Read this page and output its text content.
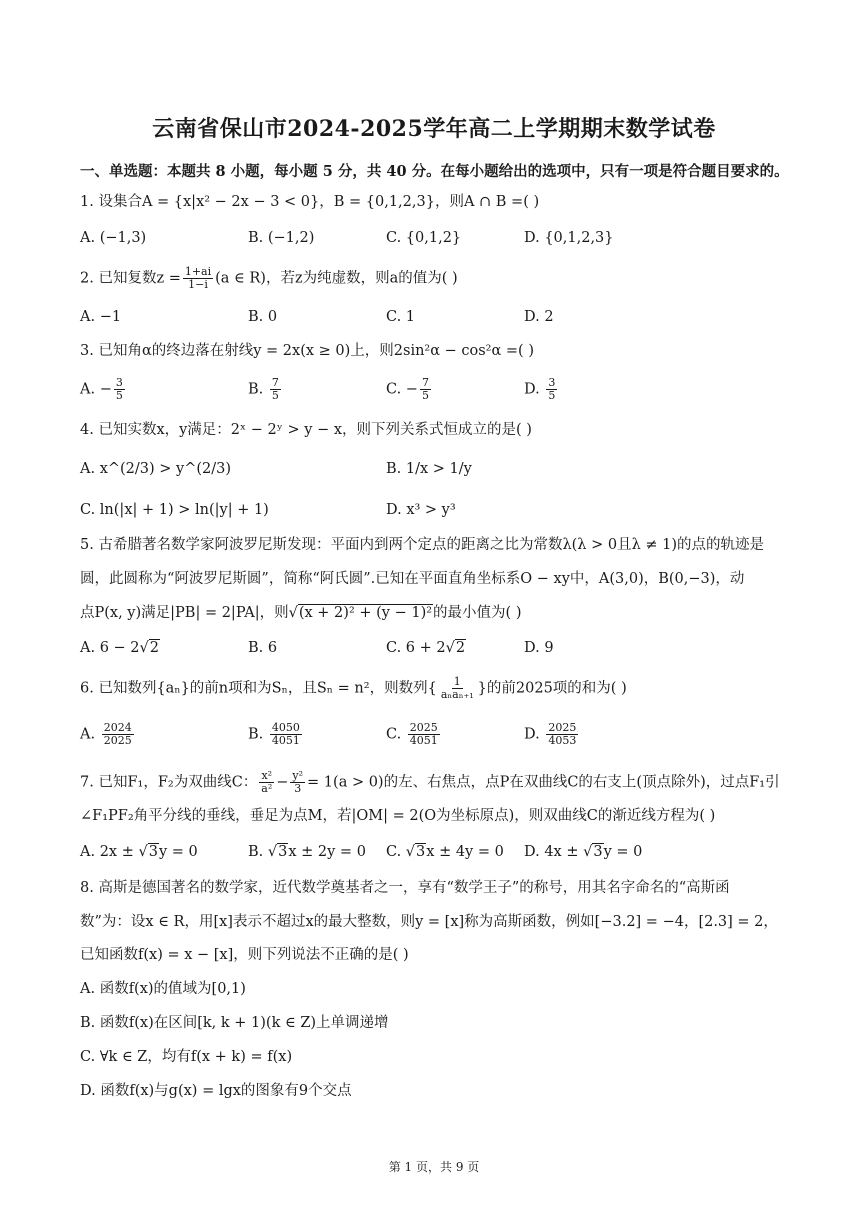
云南省保山市2024-2025学年高二上学期期末数学试卷
一、单选题：本题共 8 小题，每小题 5 分，共 40 分。在每小题给出的选项中，只有一项是符合题目要求的。
1. 设集合A = {x|x² − 2x − 3 < 0}，B = {0,1,2,3}，则A ∩ B =( )
A. (−1,3)	B. (−1,2)	C. {0,1,2}	D. {0,1,2,3}
2. 已知复数$z = \frac{1+ai}{1-i} (a$ ∈ R)，若z为纯虚数，则a的值为( )
A. −1	B. 0	C. 1	D. 2
3. 已知角α的终边落在射线y = 2x(x ≥ 0)上，则2sin²α − cos²α =( )
A. − $\frac{3}{5}$	B. $\frac{7}{5}$	C. − $\frac{7}{5}$	D. $\frac{3}{5}$
4. 已知实数x，y满足：2ˣ − 2ʸ > y − x，则下列关系式恒成立的是( )
A. x^(2/3) > y^(2/3)	B. 1/x > 1/y
C. ln(|x| + 1) > ln(|y| + 1)	D. x³ > y³
5. 古希腊著名数学家阿波罗尼斯发现：平面内到两个定点的距离之比为常数λ(λ > 0且λ ≠ 1)的点的轨迹是
圆，此圆称为“阿波罗尼斯圆”，简称“阿氏圆”.已知在平面直角坐标系O − xy中，A(3,0)，B(0,−3)，动
点P(x, y)满足|PB| = 2|PA|，则√(x + 2)² + (y − 1)²的最小值为( )
A. 6 − 2√2	B. 6	C. 6 + 2√2	D. 9
6. 已知数列{aₙ}的前n项和为Sₙ，且Sₙ = n²，则数列{ $\frac{1}{\text{aₙaₙ₊₁}}$ }的前2025项的和为( )
A. $\frac{2024}{2025}$	B. $\frac{4050}{4051}$	C. $\frac{2025}{4051}$	D. $\frac{2025}{4053}$
7. 已知F₁，F₂为双曲线C： $\frac{\text{x²}}{\text{a²}} - \frac{\text{y²}}{3} = 1(a > 0)$的左、右焦点，点P在双曲线C的右支上(顶点除外)，过点F₁引
∠F₁PF₂角平分线的垂线，垂足为点M，若|OM| = 2(O为坐标原点)，则双曲线C的渐近线方程为( )
A. 2x ± √3y = 0	B. √3x ± 2y = 0 C. √3x ± 4y = 0 D. 4x ± √3y = 0
8. 高斯是德国著名的数学家，近代数学奠基者之一，享有“数学王子”的称号，用其名字命名的“高斯函
数”为：设x ∈ R，用[x]表示不超过x的最大整数，则y = [x]称为高斯函数，例如[−3.2] = −4，[2.3] = 2，
已知函数f(x) = x − [x]，则下列说法不正确的是( )
A. 函数f(x)的值域为[0,1)
B. 函数f(x)在区间[k, k + 1)(k ∈ Z)上单调递增
C. ∀k ∈ Z，均有f(x + k) = f(x)
D. 函数f(x)与g(x) = lgx的图象有9个交点
第 1 页，共 9 页
